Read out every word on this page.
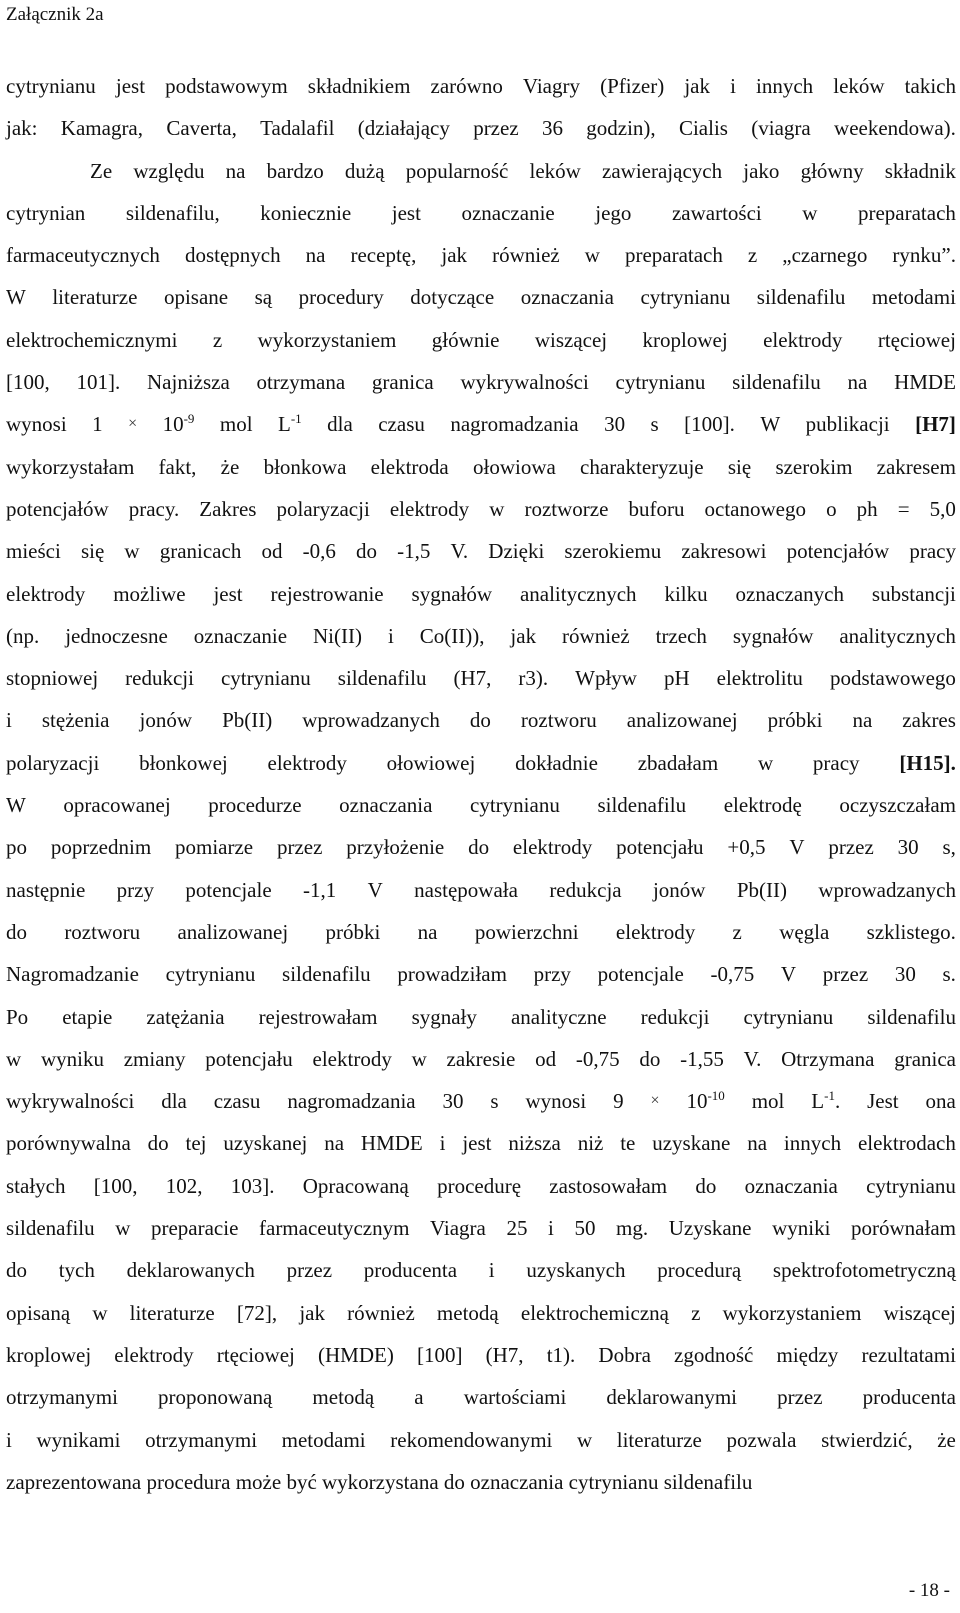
Załącznik 2a
cytrynianu jest podstawowym składnikiem zarówno Viagry (Pfizer) jak i innych leków takich
jak: Kamagra, Caverta, Tadalafil (działający przez 36 godzin), Cialis (viagra weekendowa).
Ze względu na bardzo dużą popularność leków zawierających jako główny składnik
cytrynian sildenafilu, koniecznie jest oznaczanie jego zawartości w preparatach
farmaceutycznych dostępnych na receptę, jak również w preparatach z „czarnego rynku”.
W literaturze opisane są procedury dotyczące oznaczania cytrynianu sildenafilu metodami
elektrochemicznymi z wykorzystaniem głównie wiszącej kroplowej elektrody rtęciowej
[100, 101]. Najniższa otrzymana granica wykrywalności cytrynianu sildenafilu na HMDE
wynosi $1 \times 10^{-9}$ mol $L^{-1}$ dla czasu nagromadzania 30 s [100]. W publikacji [H7]
wykorzystałam fakt, że błonkowa elektroda ołowiowa charakteryzuje się szerokim zakresem
potencjałów pracy. Zakres polaryzacji elektrody w roztworze buforu octanowego o ph = 5,0
mieści się w granicach od -0,6 do -1,5 V. Dzięki szerokiemu zakresowi potencjałów pracy
elektrody możliwe jest rejestrowanie sygnałów analitycznych kilku oznaczanych substancji
(np. jednoczesne oznaczanie Ni(II) i Co(II)), jak również trzech sygnałów analitycznych
stopniowej redukcji cytrynianu sildenafilu (H7, r3). Wpływ pH elektrolitu podstawowego
i stężenia jonów Pb(II) wprowadzanych do roztworu analizowanej próbki na zakres
polaryzacji błonkowej elektrody ołowiowej dokładnie zbadałam w pracy [H15].
W opracowanej procedurze oznaczania cytrynianu sildenafilu elektrodę oczyszczałam
po poprzednim pomiarze przez przyłożenie do elektrody potencjału +0,5 V przez 30 s,
następnie przy potencjale -1,1 V następowała redukcja jonów Pb(II) wprowadzanych
do roztworu analizowanej próbki na powierzchni elektrody z węgla szklistego.
Nagromadzanie cytrynianu sildenafilu prowadziłam przy potencjale -0,75 V przez 30 s.
Po etapie zatężania rejestrowałam sygnały analityczne redukcji cytrynianu sildenafilu
w wyniku zmiany potencjału elektrody w zakresie od -0,75 do -1,55 V. Otrzymana granica
wykrywalności dla czasu nagromadzania 30 s wynosi $9 \times 10^{-10}$ mol $L^{-1}$. Jest ona
porównywalna do tej uzyskanej na HMDE i jest niższa niż te uzyskane na innych elektrodach
stałych [100, 102, 103]. Opracowaną procedurę zastosowałam do oznaczania cytrynianu
sildenafilu w preparacie farmaceutycznym Viagra 25 i 50 mg. Uzyskane wyniki porównałam
do tych deklarowanych przez producenta i uzyskanych procedurą spektrofotometryczną
opisaną w literaturze [72], jak również metodą elektrochemiczną z wykorzystaniem wiszącej
kroplowej elektrody rtęciowej (HMDE) [100] (H7, t1). Dobra zgodność między rezultatami
otrzymanymi proponowaną metodą a wartościami deklarowanymi przez producenta
i wynikami otrzymanymi metodami rekomendowanymi w literaturze pozwala stwierdzić, że
zaprezentowana
procedura
może
być
wykorzystana
do
oznaczania
cytrynianu
sildenafilu
- 18 -
